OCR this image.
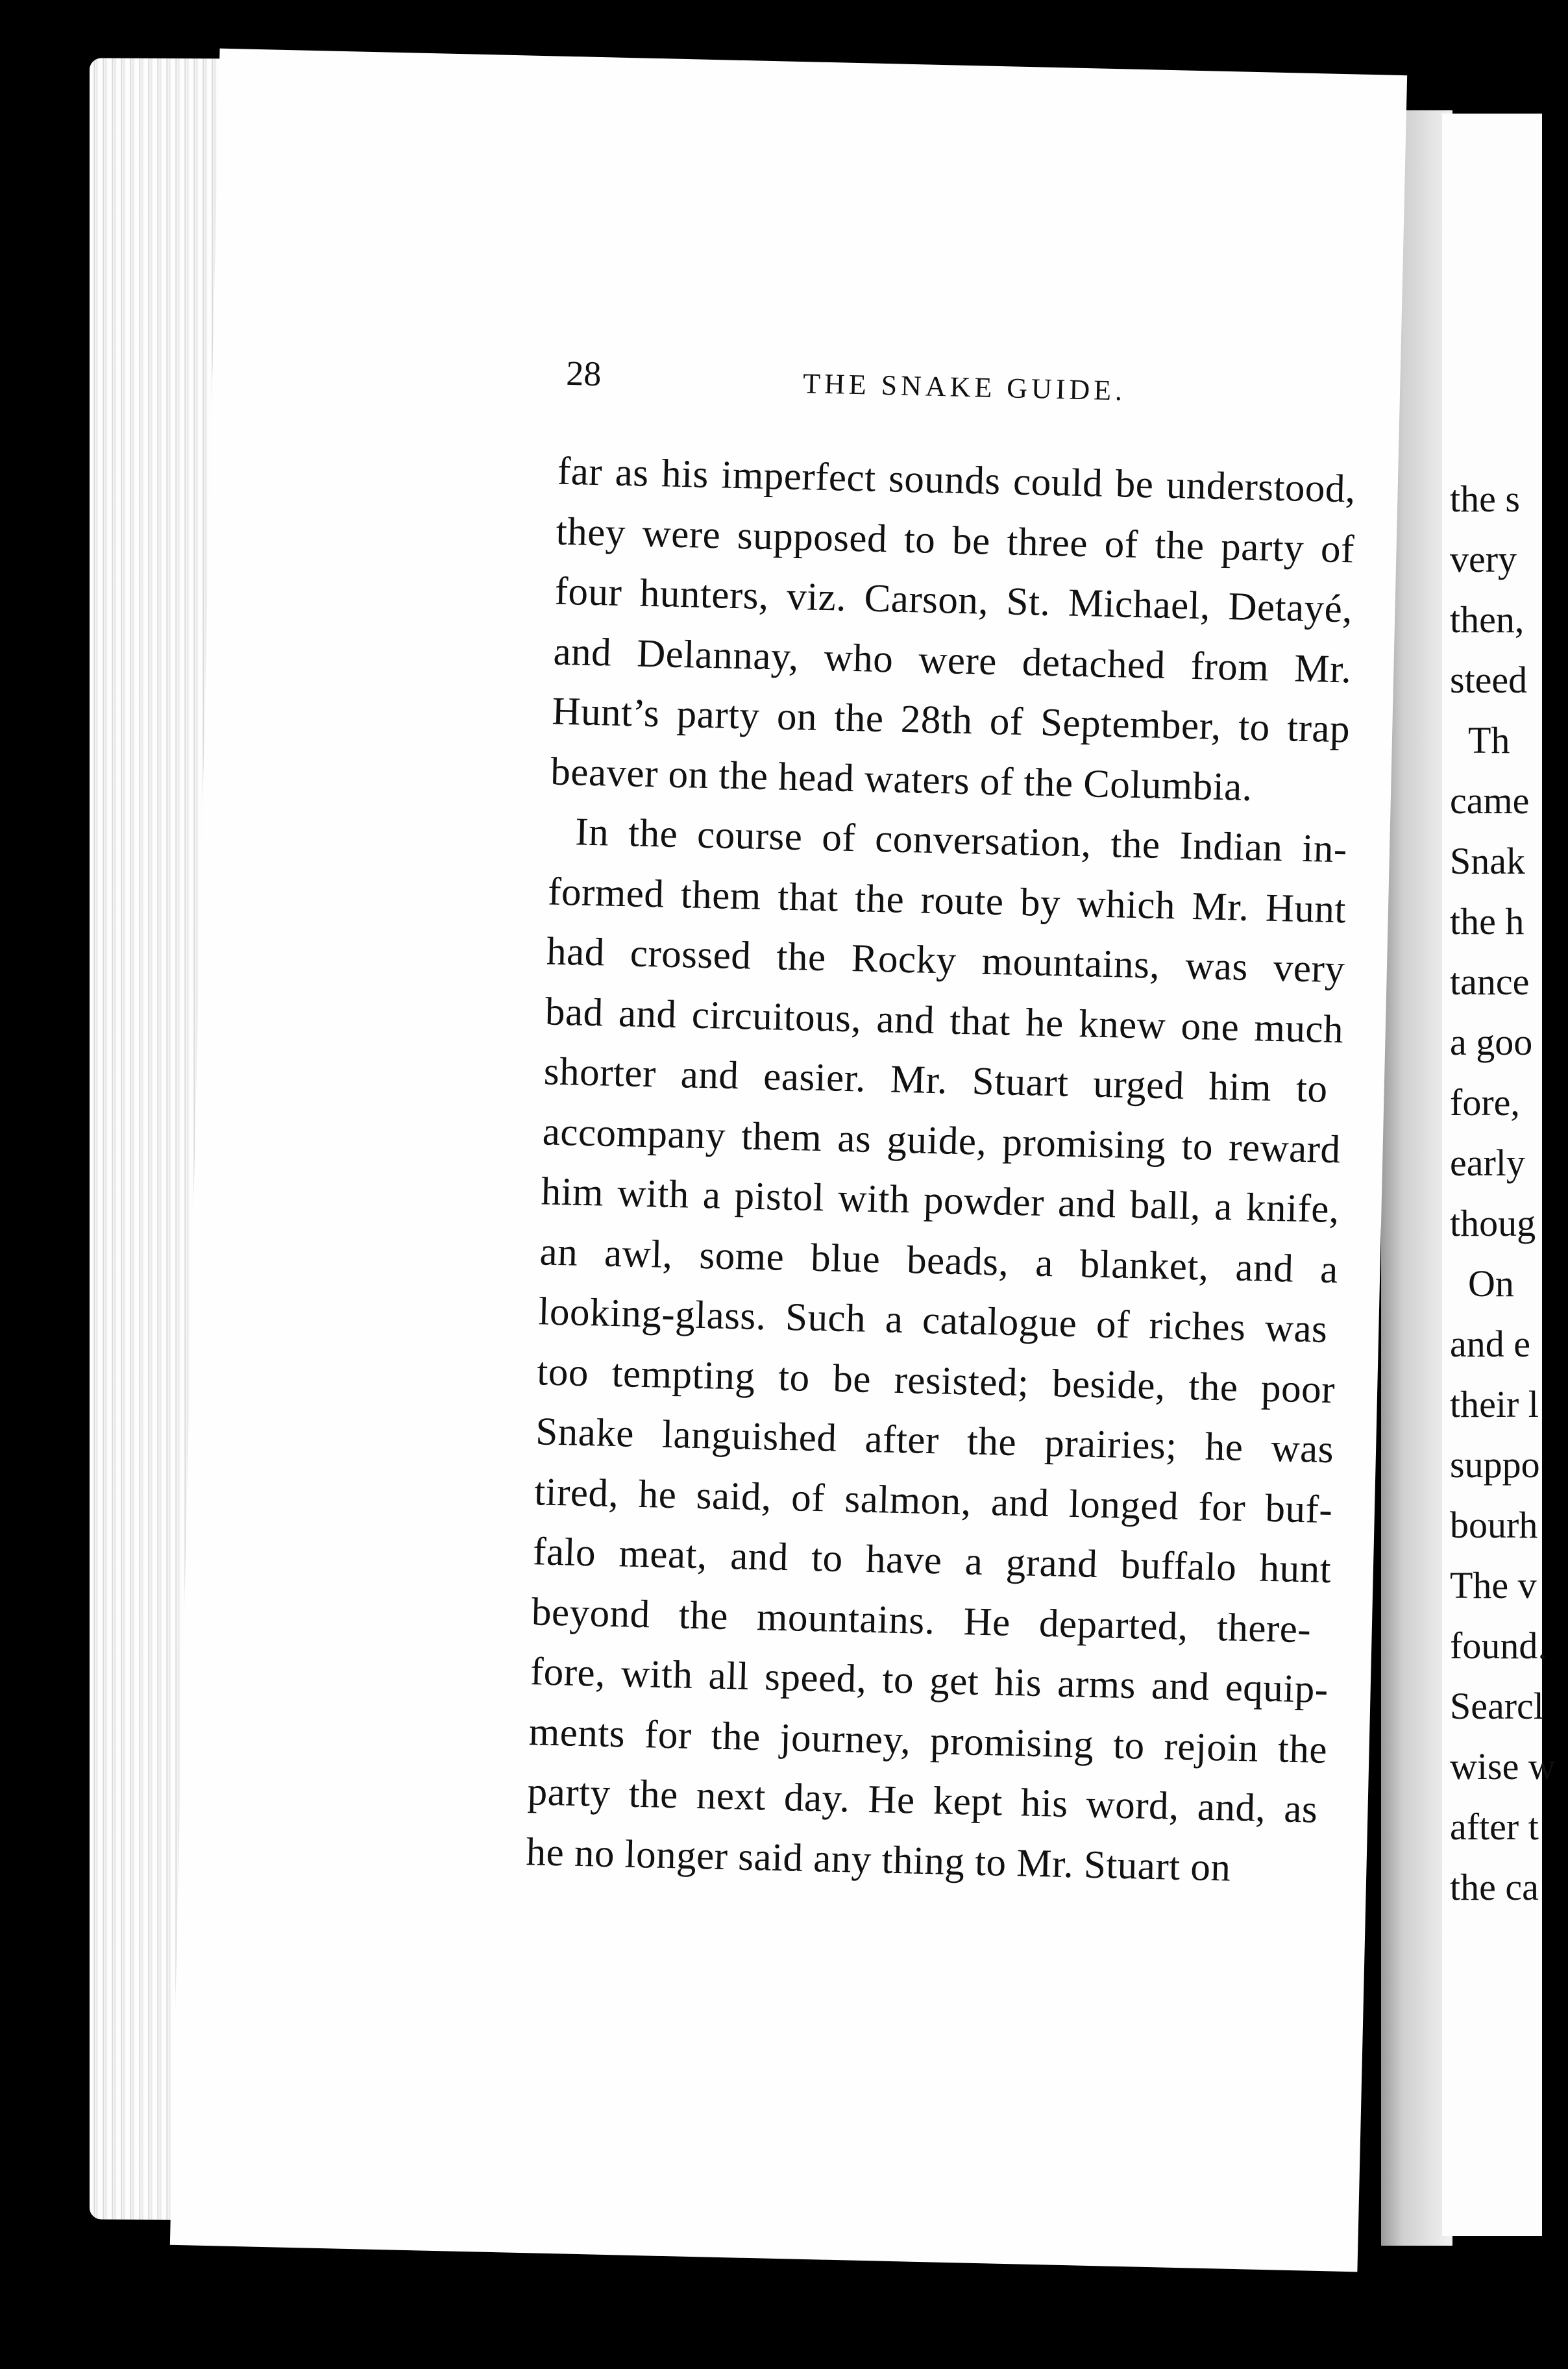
the s
very
then,
steed
Th
came
Snak
the h
tance
a goo
fore,
early
thoug
On
and e
their l
suppo
bourh
The v
found.
Searcl
wise w
after t
the ca
28	THE SNAKE GUIDE.
far as his imperfect sounds could be understood,
they were supposed to be three of the party of
four hunters, viz. Carson, St. Michael, Detayé,
and Delannay, who were detached from Mr.
Hunt’s party on the 28th of September, to trap
beaver on the head waters of the Columbia.
In the course of conversation, the Indian in-
formed them that the route by which Mr. Hunt
had crossed the Rocky mountains, was very
bad and circuitous, and that he knew one much
shorter and easier. Mr. Stuart urged him to
accompany them as guide, promising to reward
him with a pistol with powder and ball, a knife,
an awl, some blue beads, a blanket, and a
looking-glass. Such a catalogue of riches was
too tempting to be resisted; beside, the poor
Snake languished after the prairies; he was
tired, he said, of salmon, and longed for buf-
falo meat, and to have a grand buffalo hunt
beyond the mountains. He departed, there-
fore, with all speed, to get his arms and equip-
ments for the journey, promising to rejoin the
party the next day. He kept his word, and, as
he no longer said any thing to Mr. Stuart on
